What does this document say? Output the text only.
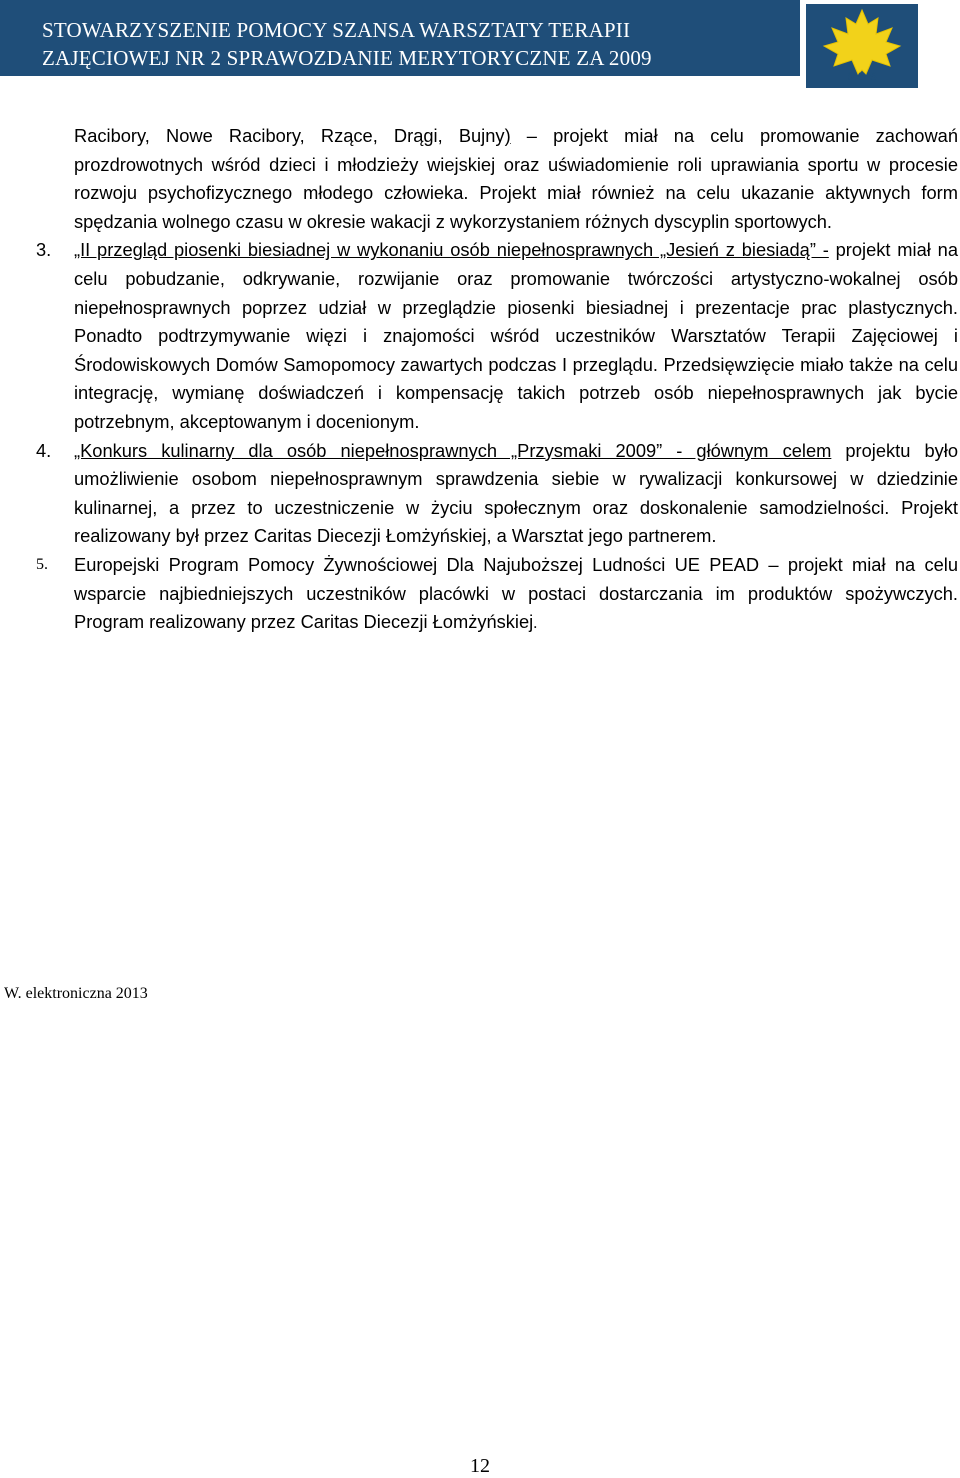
STOWARZYSZENIE POMOCY SZANSA WARSZTATY TERAPII
ZAJĘCIOWEJ NR 2 SPRAWOZDANIE MERYTORYCZNE ZA 2009
S & S

Racibory, Nowe Racibory, Rzące, Drągi, Bujny) – projekt miał na celu promowanie zachowań prozdrowotnych wśród dzieci i młodzieży wiejskiej oraz uświadomienie roli uprawiania sportu w procesie rozwoju psychofizycznego młodego człowieka. Projekt miał również na celu ukazanie aktywnych form spędzania wolnego czasu w okresie wakacji z wykorzystaniem różnych dyscyplin sportowych.

3. „II przegląd piosenki biesiadnej w wykonaniu osób niepełnosprawnych „Jesień z biesiadą” - projekt miał na celu pobudzanie, odkrywanie, rozwijanie oraz promowanie twórczości artystyczno-wokalnej osób niepełnosprawnych poprzez udział w przeglądzie piosenki biesiadnej i prezentacje prac plastycznych. Ponadto podtrzymywanie więzi i znajomości wśród uczestników Warsztatów Terapii Zajęciowej i Środowiskowych Domów Samopomocy zawartych podczas I przeglądu. Przedsięwzięcie miało także na celu integrację, wymianę doświadczeń i kompensację takich potrzeb osób niepełnosprawnych jak bycie potrzebnym, akceptowanym i docenionym.

4. „Konkurs kulinarny dla osób niepełnosprawnych „Przysmaki 2009” - głównym celem projektu było umożliwienie osobom niepełnosprawnym sprawdzenia siebie w rywalizacji konkursowej w dziedzinie kulinarnej, a przez to uczestniczenie w życiu społecznym oraz doskonalenie samodzielności. Projekt realizowany był przez Caritas Diecezji Łomżyńskiej, a Warsztat jego partnerem.

5. Europejski Program Pomocy Żywnościowej Dla Najuboższej Ludności UE PEAD – projekt miał na celu wsparcie najbiedniejszych uczestników placówki w postaci dostarczania im produktów spożywczych. Program realizowany przez Caritas Diecezji Łomżyńskiej.

W. elektroniczna 2013
12
